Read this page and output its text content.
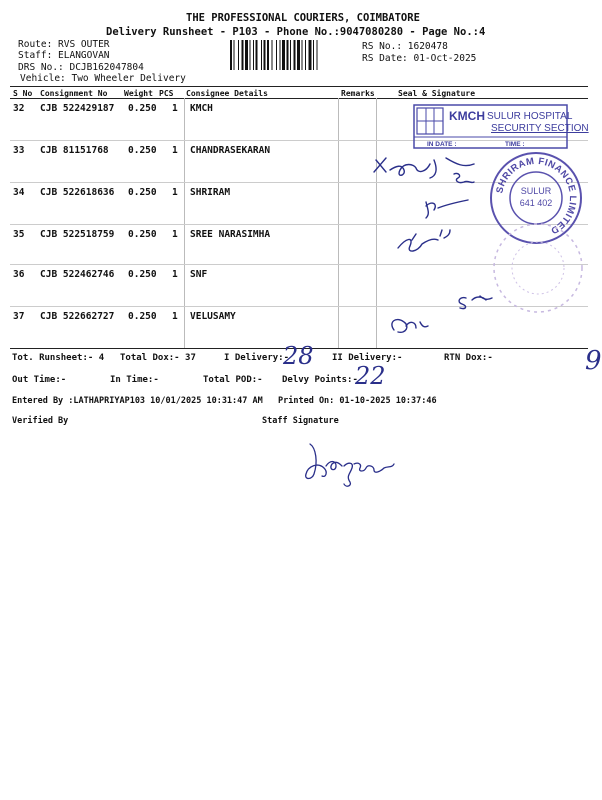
THE PROFESSIONAL COURIERS, COIMBATORE
Delivery Runsheet - P103 - Phone No.:9047080280 - Page No.:4
Route: RVS OUTER
Staff: ELANGOVAN
DRS No.: DCJB162047804
Vehicle: Two Wheeler Delivery
RS No.: 1620478
RS Date: 01-Oct-2025
S No Consignment No Weight PCS Consignee Details	Remarks	Seal & Signature
32 CJB 522429187 0.250 1 KMCH
33 CJB 81151768 0.250 1 CHANDRASEKARAN
34 CJB 522618636 0.250 1 SHRIRAM
35 CJB 522518759 0.250 1 SREE NARASIMHA
36 CJB 522462746 0.250 1 SNF
37 CJB 522662727 0.250 1 VELUSAMY
KMCH SULUR HOSPITAL
SECURITY SECTION
IN DATE :	TIME :
SHRIRAM FINANCE LIMITED
SULUR
641 402
Tot. Runsheet:- 4 Total Dox:- 37	I Delivery:-
28 II Delivery:-	RTN Dox:-	9
Out Time:-	In Time:-	Total POD:- Delvy Points:-
22
Entered By :LATHAPRIYAP103 10/01/2025 10:31:47 AM Printed On: 01-10-2025 10:37:46
Verified By	Staff Signature
